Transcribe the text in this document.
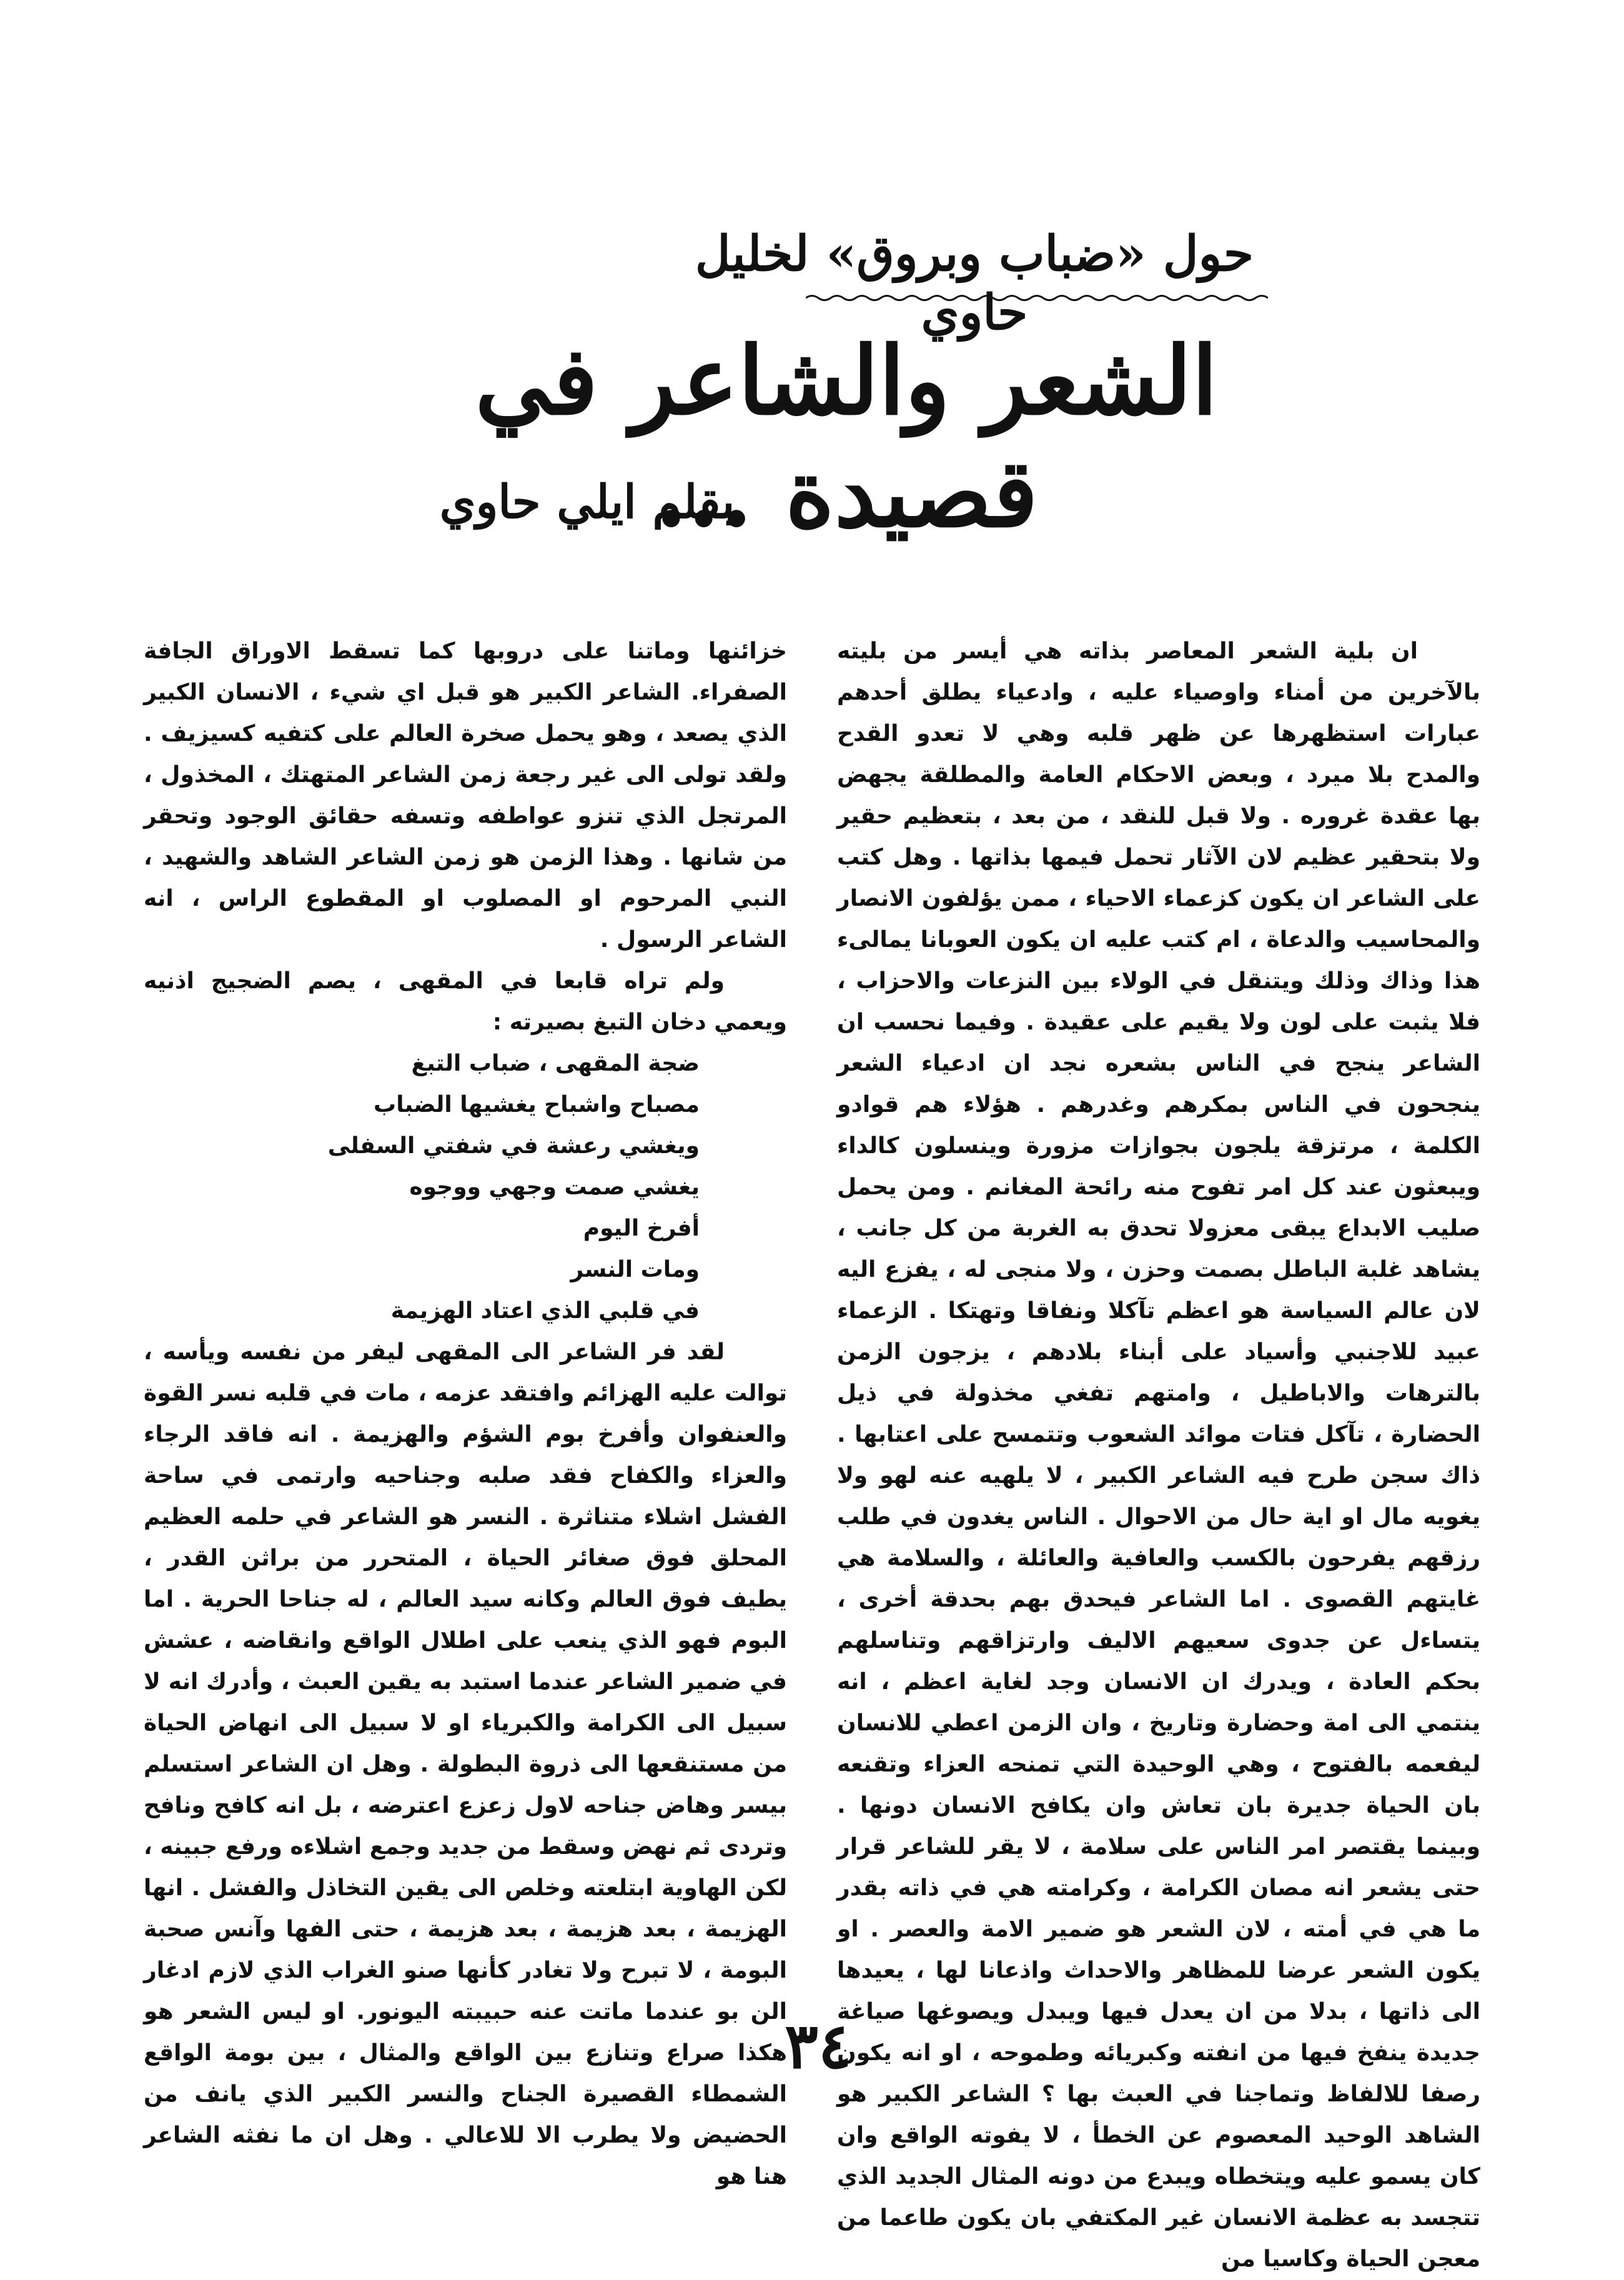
حول «ضباب وبروق» لخليل حاوي
الشعر والشاعر في قصيدة ...
بقلم ايلي حاوي

ان بلية الشعر المعاصر بذاته هي أيسر من بليته بالآخرين من أمناء واوصياء عليه ، وادعياء يطلق أحدهم عبارات استظهرها عن ظهر قلبه وهي لا تعدو القدح والمدح بلا ميرد ، وبعض الاحكام العامة والمطلقة يجهض بها عقدة غروره . ولا قبل للنقد ، من بعد ، بتعظيم حقير ولا بتحقير عظيم لان الآثار تحمل فيمها بذاتها . وهل كتب على الشاعر ان يكون كزعماء الاحياء ، ممن يؤلفون الانصار والمحاسيب والدعاة ، ام كتب عليه ان يكون العوبانا يمالىء هذا وذاك وذلك ويتنقل في الولاء بين النزعات والاحزاب ، فلا يثبت على لون ولا يقيم على عقيدة . وفيما نحسب ان الشاعر ينجح في الناس بشعره نجد ان ادعياء الشعر ينجحون في الناس بمكرهم وغدرهم . هؤلاء هم قوادو الكلمة ، مرتزقة يلجون بجوازات مزورة وينسلون كالداء ويبعثون عند كل امر تفوح منه رائحة المغانم . ومن يحمل صليب الابداع يبقى معزولا تحدق به الغربة من كل جانب ، يشاهد غلبة الباطل بصمت وحزن ، ولا منجى له ، يفزع اليه لان عالم السياسة هو اعظم تآكلا ونفاقا وتهتكا . الزعماء عبيد للاجنبي وأسياد على أبناء بلادهم ، يزجون الزمن بالترهات والاباطيل ، وامتهم تفغي مخذولة في ذيل الحضارة ، تآكل فتات موائد الشعوب وتتمسح على اعتابها . ذاك سجن طرح فيه الشاعر الكبير ، لا يلهيه عنه لهو ولا يغويه مال او اية حال من الاحوال . الناس يغدون في طلب رزقهم يفرحون بالكسب والعافية والعائلة ، والسلامة هي غايتهم القصوى . اما الشاعر فيحدق بهم بحدقة أخرى ، يتساءل عن جدوى سعيهم الاليف وارتزاقهم وتناسلهم بحكم العادة ، ويدرك ان الانسان وجد لغاية اعظم ، انه ينتمي الى امة وحضارة وتاريخ ، وان الزمن اعطي للانسان ليفعمه بالفتوح ، وهي الوحيدة التي تمنحه العزاء وتقنعه بان الحياة جديرة بان تعاش وان يكافح الانسان دونها . وبينما يقتصر امر الناس على سلامة ، لا يقر للشاعر قرار حتى يشعر انه مصان الكرامة ، وكرامته هي في ذاته بقدر ما هي في أمته ، لان الشعر هو ضمير الامة والعصر . او يكون الشعر عرضا للمظاهر والاحداث واذعانا لها ، يعيدها الى ذاتها ، بدلا من ان يعدل فيها ويبدل ويصوغها صياغة جديدة ينفخ فيها من انفته وكبريائه وطموحه ، او انه يكون رصفا للالفاظ وتماجنا في العبث بها ؟ الشاعر الكبير هو الشاهد الوحيد المعصوم عن الخطأ ، لا يفوته الواقع وان كان يسمو عليه ويتخطاه ويبدع من دونه المثال الجديد الذي تتجسد به عظمة الانسان غير المكتفي بان يكون طاعما من معجن الحياة وكاسيا من

خزائنها وماتنا على دروبها كما تسقط الاوراق الجافة الصفراء. الشاعر الكبير هو قبل اي شيء ، الانسان الكبير الذي يصعد ، وهو يحمل صخرة العالم على كتفيه كسيزيف . ولقد تولى الى غير رجعة زمن الشاعر المتهتك ، المخذول ، المرتجل الذي تنزو عواطفه وتسفه حقائق الوجود وتحقر من شانها . وهذا الزمن هو زمن الشاعر الشاهد والشهيد ، النبي المرحوم او المصلوب او المقطوع الراس ، انه الشاعر الرسول .

ولم تراه قابعا في المقهى ، يصم الضجيج اذنيه ويعمي دخان التبغ بصيرته :

ضجة المقهى ، ضباب التبغ
مصباح واشباح يغشيها الضباب
ويغشي رعشة في شفتي السفلى
يغشي صمت وجهي ووجوه
أفرخ اليوم
ومات النسر
في قلبي الذي اعتاد الهزيمة

لقد فر الشاعر الى المقهى ليفر من نفسه ويأسه ، توالت عليه الهزائم وافتقد عزمه ، مات في قلبه نسر القوة والعنفوان وأفرخ بوم الشؤم والهزيمة . انه فاقد الرجاء والعزاء والكفاح فقد صلبه وجناحيه وارتمى في ساحة الفشل اشلاء متناثرة . النسر هو الشاعر في حلمه العظيم المحلق فوق صغائر الحياة ، المتحرر من براثن القدر ، يطيف فوق العالم وكانه سيد العالم ، له جناحا الحرية . اما البوم فهو الذي ينعب على اطلال الواقع وانقاضه ، عشش في ضمير الشاعر عندما استبد به يقين العبث ، وأدرك انه لا سبيل الى الكرامة والكبرياء او لا سبيل الى انهاض الحياة من مستنقعها الى ذروة البطولة . وهل ان الشاعر استسلم بيسر وهاض جناحه لاول زعزع اعترضه ، بل انه كافح ونافح وتردى ثم نهض وسقط من جديد وجمع اشلاءه ورفع جبينه ، لكن الهاوية ابتلعته وخلص الى يقين التخاذل والفشل . انها الهزيمة ، بعد هزيمة ، بعد هزيمة ، حتى الفها وآنس صحبة البومة ، لا تبرح ولا تغادر كأنها صنو الغراب الذي لازم ادغار الن بو عندما ماتت عنه حبيبته اليونور. او ليس الشعر هو هكذا صراع وتنازع بين الواقع والمثال ، بين بومة الواقع الشمطاء القصيرة الجناح والنسر الكبير الذي يانف من الحضيض ولا يطرب الا للاعالي . وهل ان ما نفثه الشاعر هنا هو

٣٤
